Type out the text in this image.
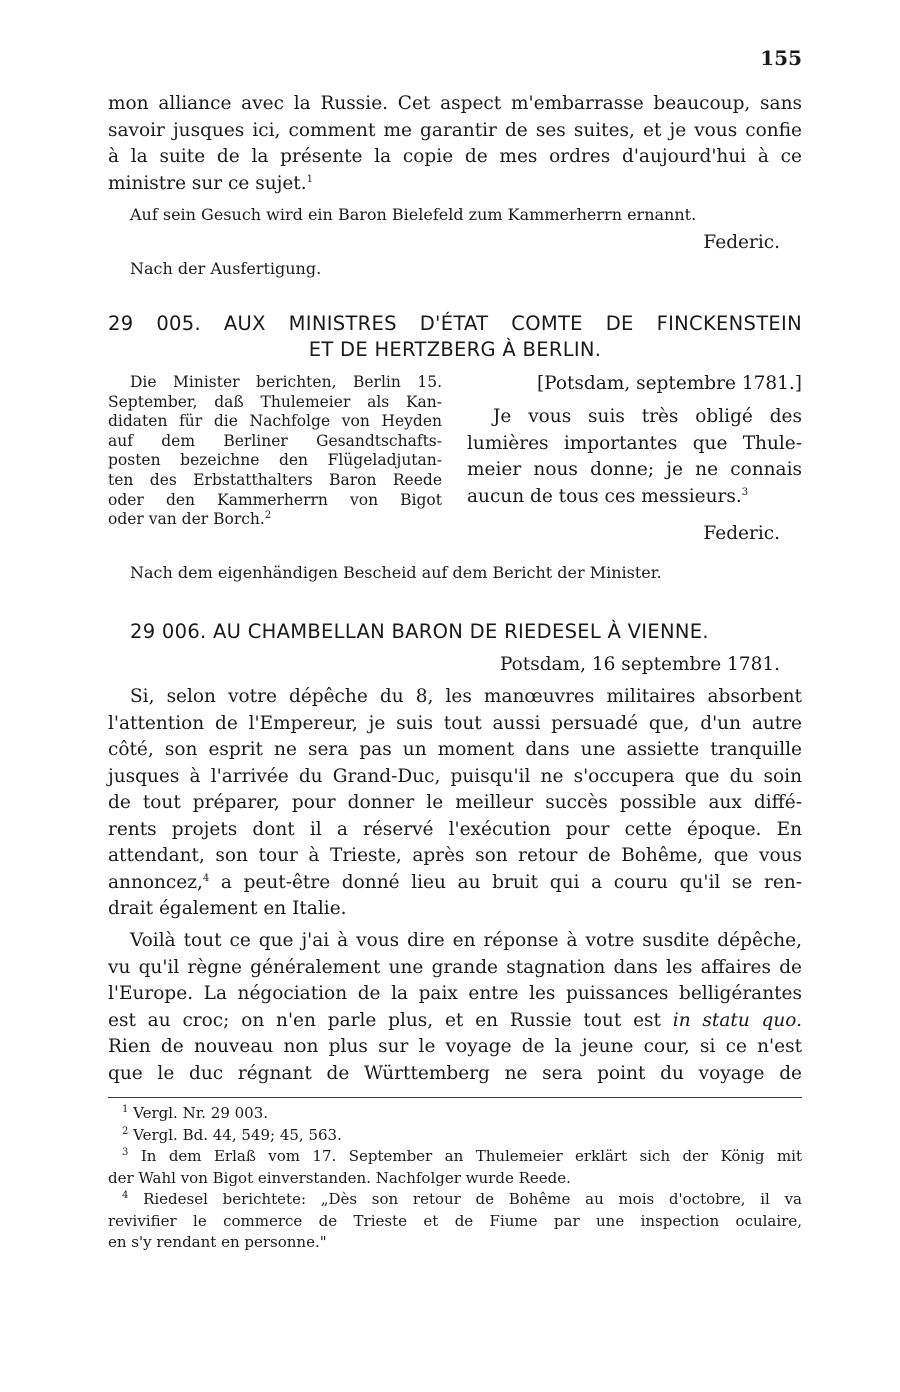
155
mon alliance avec la Russie. Cet aspect m'embarrasse beaucoup, sans
savoir jusques ici, comment me garantir de ses suites, et je vous confie
à la suite de la présente la copie de mes ordres d'aujourd'hui à ce
ministre sur ce sujet.$^1$
Auf sein Gesuch wird ein Baron Bielefeld zum Kammerherrn ernannt.
Federic.
Nach der Ausfertigung.
29 005. AUX MINISTRES D'ÉTAT COMTE DE FINCKENSTEIN
ET DE HERTZBERG À BERLIN.
Die Minister berichten, Berlin 15.
September, daß Thulemeier als Kan-
didaten für die Nachfolge von Heyden
auf dem Berliner Gesandtschafts-
posten bezeichne den Flügeladjutan-
ten des Erbstatthalters Baron Reede
oder den Kammerherrn von Bigot
oder van der Borch.$^2$
[Potsdam, septembre 1781.]
Je vous suis très obligé des
lumières importantes que Thule-
meier nous donne; je ne connais
aucun de tous ces messieurs.$^3$
Federic.
Nach dem eigenhändigen Bescheid auf dem Bericht der Minister.
29 006. AU CHAMBELLAN BARON DE RIEDESEL À VIENNE.
Potsdam, 16 septembre 1781.
Si, selon votre dépêche du 8, les manœuvres militaires absorbent
l'attention de l'Empereur, je suis tout aussi persuadé que, d'un autre
côté, son esprit ne sera pas un moment dans une assiette tranquille
jusques à l'arrivée du Grand-Duc, puisqu'il ne s'occupera que du soin
de tout préparer, pour donner le meilleur succès possible aux diffé-
rents projets dont il a réservé l'exécution pour cette époque. En
attendant, son tour à Trieste, après son retour de Bohême, que vous
annoncez,$^4$ a peut-être donné lieu au bruit qui a couru qu'il se ren-
drait également en Italie.
Voilà tout ce que j'ai à vous dire en réponse à votre susdite dépêche,
vu qu'il règne généralement une grande stagnation dans les affaires de
l'Europe. La négociation de la paix entre les puissances belligérantes
est au croc; on n'en parle plus, et en Russie tout est in statu quo.
Rien de nouveau non plus sur le voyage de la jeune cour, si ce n'est
que le duc régnant de Württemberg ne sera point du voyage de
$^1$ Vergl. Nr. 29 003.
$^2$ Vergl. Bd. 44, 549; 45, 563.
$^3$ In dem Erlaß vom 17. September an Thulemeier erklärt sich der König mit
der Wahl von Bigot einverstanden. Nachfolger wurde Reede.
$^4$ Riedesel berichtete: „Dès son retour de Bohême au mois d'octobre, il va
revivifier le commerce de Trieste et de Fiume par une inspection oculaire,
en s'y rendant en personne."
